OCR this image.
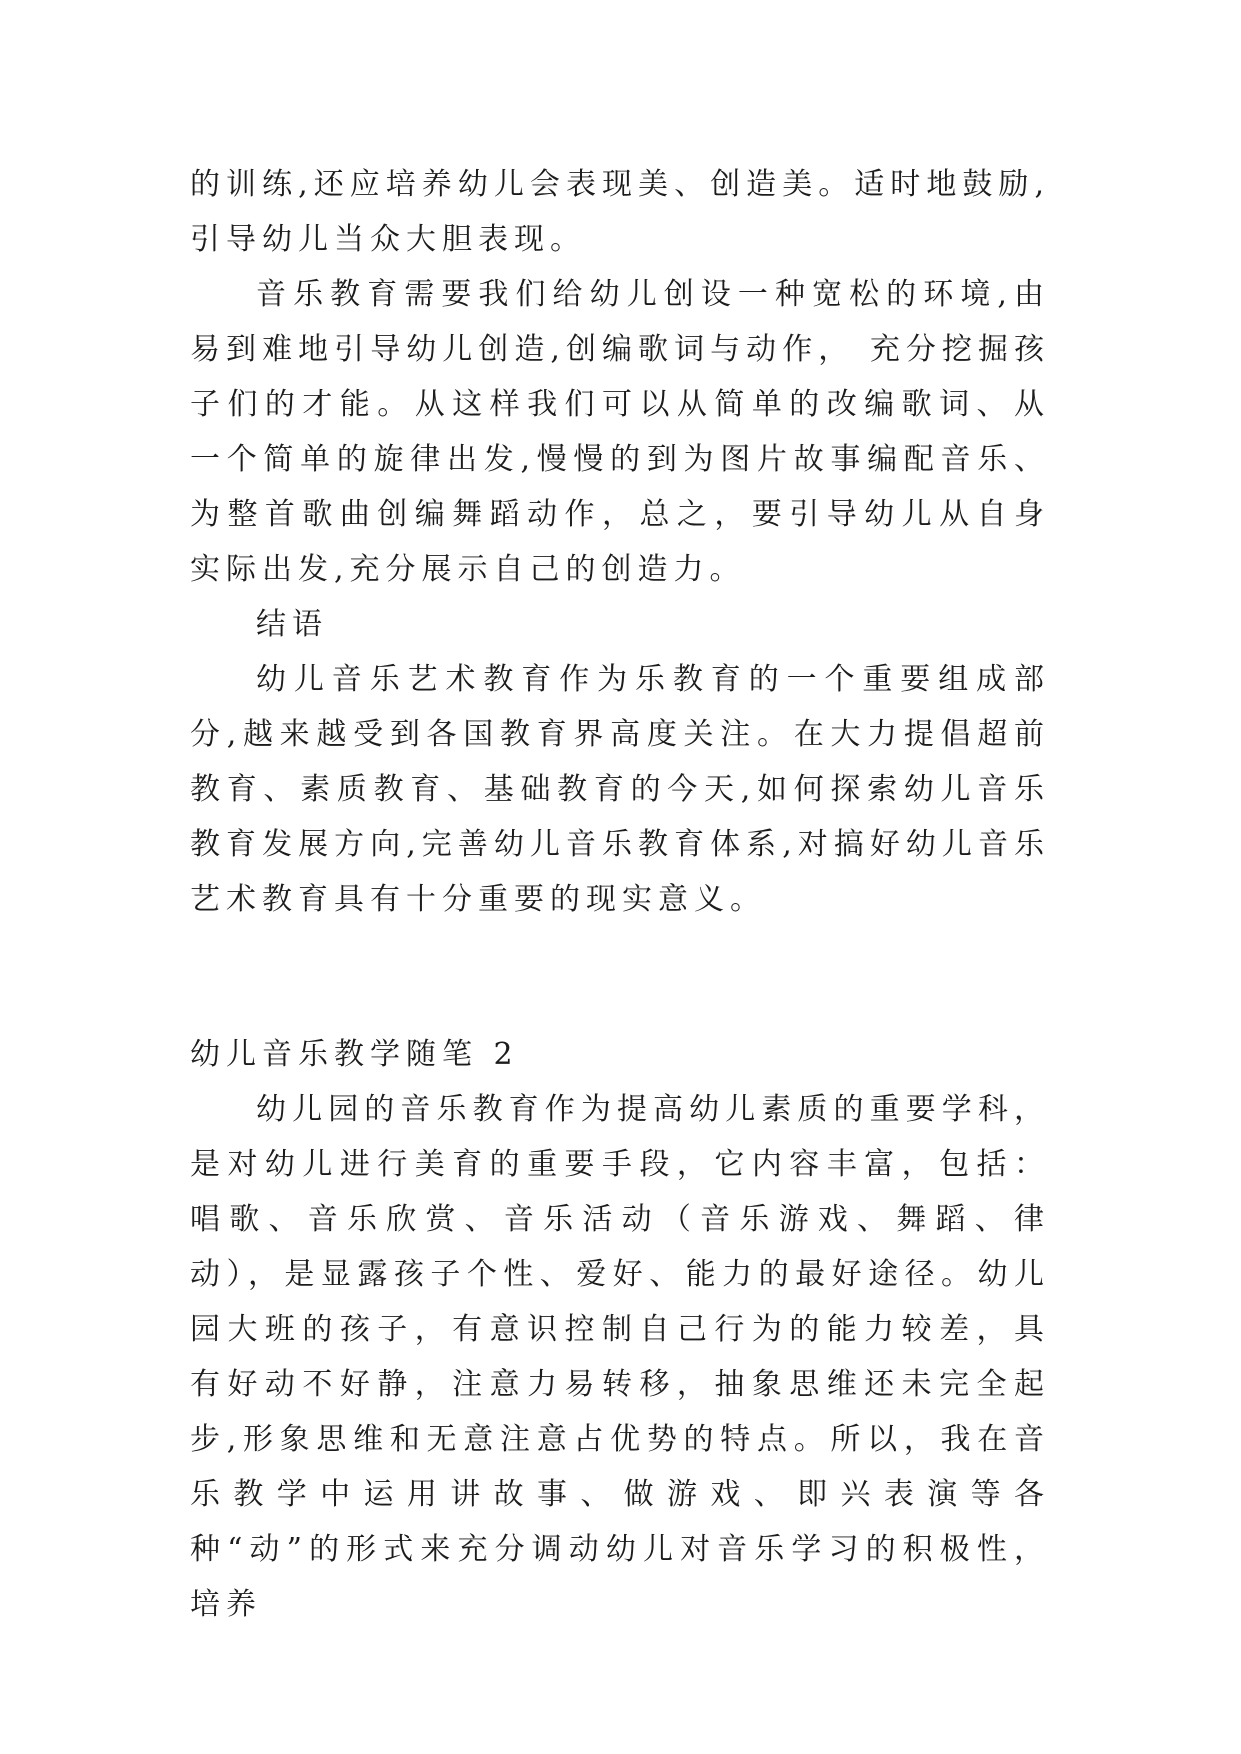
的训练,还应培养幼儿会表现美、创造美。适时地鼓励,引导幼儿当众大胆表现。

音乐教育需要我们给幼儿创设一种宽松的环境,由易到难地引导幼儿创造,创编歌词与动作， 充分挖掘孩子们的才能。从这样我们可以从简单的改编歌词、从一个简单的旋律出发,慢慢的到为图片故事编配音乐、为整首歌曲创编舞蹈动作，总之，要引导幼儿从自身实际出发,充分展示自己的创造力。

结语

幼儿音乐艺术教育作为乐教育的一个重要组成部分,越来越受到各国教育界高度关注。在大力提倡超前教育、素质教育、基础教育的今天,如何探索幼儿音乐教育发展方向,完善幼儿音乐教育体系,对搞好幼儿音乐艺术教育具有十分重要的现实意义。

幼儿音乐教学随笔 2

幼儿园的音乐教育作为提高幼儿素质的重要学科，是对幼儿进行美育的重要手段，它内容丰富，包括：唱歌、音乐欣赏、音乐活动（音乐游戏、舞蹈、律动），是显露孩子个性、爱好、能力的最好途径。幼儿园大班的孩子，有意识控制自己行为的能力较差，具有好动不好静，注意力易转移，抽象思维还未完全起步,形象思维和无意注意占优势的特点。所以，我在音乐教学中运用讲故事、做游戏、即兴表演等各种“动”的形式来充分调动幼儿对音乐学习的积极性，培养
